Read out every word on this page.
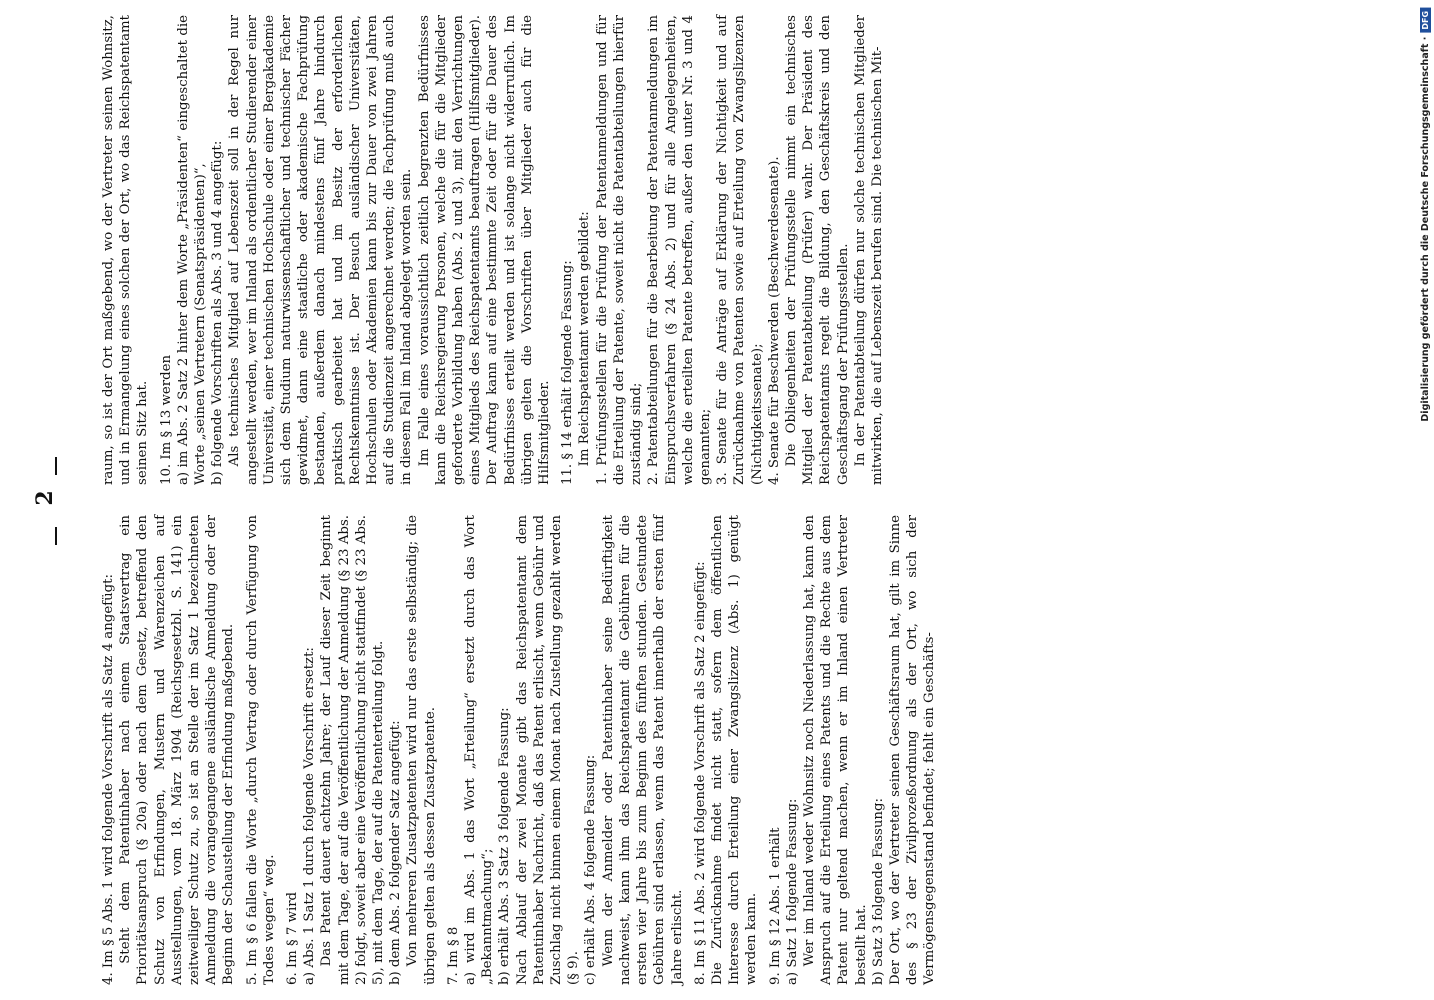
2

4. Im § 5 Abs. 1 wird folgende Vorschrift als Satz 4 angefügt: Steht dem Patentinhaber nach einem Staatsvertrag ein Prioritätsanspruch (§ 20a) oder nach dem Gesetz, betreffend den Schutz von Erfindungen, Mustern und Warenzeichen auf Ausstellungen, vom 18. März 1904 (Reichsgesetzbl. S. 141) ein zeitweiliger Schutz zu, so ist an Stelle der im Satz 1 bezeichneten Anmeldung die vorangegangene ausländische Anmeldung oder der Beginn der Schaustellung der Erfindung maßgebend. 5. Im § 6 fallen die Worte „durch Vertrag oder durch Verfügung von Todes wegen“ weg. 6. Im § 7 wird a) Abs. 1 Satz 1 durch folgende Vorschrift ersetzt: Das Patent dauert achtzehn Jahre; der Lauf dieser Zeit beginnt mit dem Tage, der auf die Veröffentlichung der Anmeldung (§ 23 Abs. 2) folgt, soweit aber eine Veröffentlichung nicht stattfindet (§ 23 Abs. 5), mit dem Tage, der auf die Patenterteilung folgt. b) dem Abs. 2 folgender Satz angefügt: Von mehreren Zusatzpatenten wird nur das erste selbständig; die übrigen gelten als dessen Zusatzpatente. 7. Im § 8 a) wird im Abs. 1 das Wort „Erteilung“ ersetzt durch das Wort „Bekanntmachung“; b) erhält Abs. 3 Satz 3 folgende Fassung: Nach Ablauf der zwei Monate gibt das Reichspatentamt dem Patentinhaber Nachricht, daß das Patent erlischt, wenn Gebühr und Zuschlag nicht binnen einem Monat nach Zustellung gezahlt werden (§ 9). c) erhält Abs. 4 folgende Fassung: Wenn der Anmelder oder Patentinhaber seine Bedürftigkeit nachweist, kann ihm das Reichspatentamt die Gebühren für die ersten vier Jahre bis zum Beginn des fünften stunden. Gestundete Gebühren sind erlassen, wenn das Patent innerhalb der ersten fünf Jahre erlischt. 8. Im § 11 Abs. 2 wird folgende Vorschrift als Satz 2 eingefügt: Die Zurücknahme findet nicht statt, sofern dem öffentlichen Interesse durch Erteilung einer Zwangslizenz (Abs. 1) genügt werden kann. 9. Im § 12 Abs. 1 erhält a) Satz 1 folgende Fassung: Wer im Inland weder Wohnsitz noch Niederlassung hat, kann den Anspruch auf die Erteilung eines Patents und die Rechte aus dem Patent nur geltend machen, wenn er im Inland einen Vertreter bestellt hat. b) Satz 3 folgende Fassung: Der Ort, wo der Vertreter seinen Geschäftsraum hat, gilt im Sinne des § 23 der Zivilprozeßordnung als der Ort, wo sich der Vermögensgegenstand befindet; fehlt ein Geschäfts-

raum, so ist der Ort maßgebend, wo der Vertreter seinen Wohnsitz, und in Ermangelung eines solchen der Ort, wo das Reichspatentamt seinen Sitz hat. 10. Im § 13 werden a) im Abs. 2 Satz 2 hinter dem Worte „Präsidenten“ eingeschaltet die Worte „seinen Vertretern (Senatspräsidenten)“, b) folgende Vorschriften als Abs. 3 und 4 angefügt: Als technisches Mitglied auf Lebenszeit soll in der Regel nur angestellt werden, wer im Inland als ordentlicher Studierender einer Universität, einer technischen Hochschule oder einer Bergakademie sich dem Studium naturwissenschaftlicher und technischer Fächer gewidmet, dann eine staatliche oder akademische Fachprüfung bestanden, außerdem danach mindestens fünf Jahre hindurch praktisch gearbeitet hat und im Besitz der erforderlichen Rechtskenntnisse ist. Der Besuch ausländischer Universitäten, Hochschulen oder Akademien kann bis zur Dauer von zwei Jahren auf die Studienzeit angerechnet werden; die Fachprüfung muß auch in diesem Fall im Inland abgelegt worden sein. Im Falle eines voraussichtlich zeitlich begrenzten Bedürfnisses kann die Reichsregierung Personen, welche die für die Mitglieder geforderte Vorbildung haben (Abs. 2 und 3), mit den Verrichtungen eines Mitglieds des Reichspatentamts beauftragen (Hilfsmitglieder). Der Auftrag kann auf eine bestimmte Zeit oder für die Dauer des Bedürfnisses erteilt werden und ist solange nicht widerruflich. Im übrigen gelten die Vorschriften über Mitglieder auch für die Hilfsmitglieder. 11. § 14 erhält folgende Fassung: Im Reichspatentamt werden gebildet: 1. Prüfungsstellen für die Prüfung der Patentanmeldungen und für die Erteilung der Patente, soweit nicht die Patentabteilungen hierfür zuständig sind; 2. Patentabteilungen für die Bearbeitung der Patentanmeldungen im Einspruchsverfahren (§ 24 Abs. 2) und für alle Angelegenheiten, welche die erteilten Patente betreffen, außer den unter Nr. 3 und 4 genannten; 3. Senate für die Anträge auf Erklärung der Nichtigkeit und auf Zurücknahme von Patenten sowie auf Erteilung von Zwangslizenzen (Nichtigkeitssenate); 4. Senate für Beschwerden (Beschwerdesenate). Die Obliegenheiten der Prüfungsstelle nimmt ein technisches Mitglied der Patentabteilung (Prüfer) wahr. Der Präsident des Reichspatentamts regelt die Bildung, den Geschäftskreis und den Geschäftsgang der Prüfungsstellen. In der Patentabteilung dürfen nur solche technischen Mitglieder mitwirken, die auf Lebenszeit berufen sind. Die technischen Mit-	Digitalisierung gefördert durch die Deutsche Forschungsgemeinschaft ·
DFG
